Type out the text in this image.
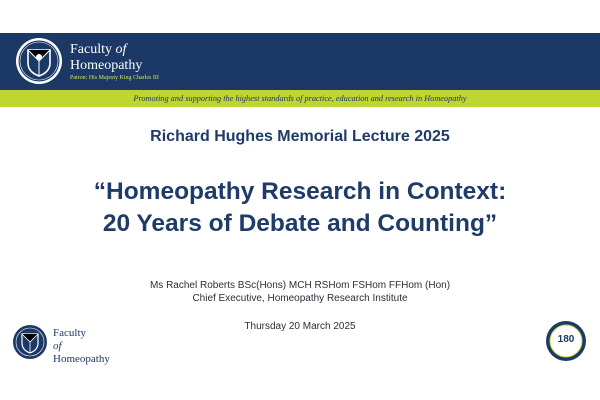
Faculty of
Homeopathy
Patron: His Majesty King Charles III
Promoting and supporting the highest standards of practice, education and research in Homeopathy
Richard Hughes Memorial Lecture 2025
“Homeopathy Research in Context:
20 Years of Debate and Counting”
Ms Rachel Roberts BSc(Hons) MCH RSHom FSHom FFHom (Hon)
Chief Executive, Homeopathy Research Institute
Thursday 20 March 2025
Faculty
of
Homeopathy
180
